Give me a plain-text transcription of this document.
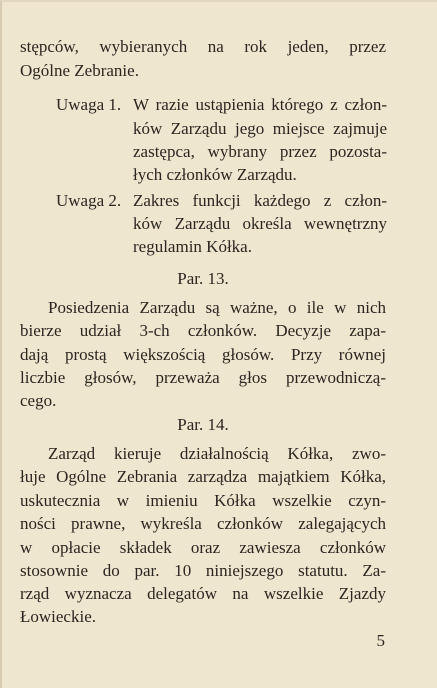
stępców, wybieranych na rok jeden, przez
Ogólne Zebranie.
Uwaga 1. W razie ustąpienia którego z człon-
ków Zarządu jego miejsce zajmuje
zastępca, wybrany przez pozosta-
łych członków Zarządu.
Uwaga 2. Zakres funkcji każdego z człon-
ków Zarządu określa wewnętrzny
regulamin Kółka.
Par. 13.
Posiedzenia Zarządu są ważne, o ile w nich
bierze udział 3-ch członków. Decyzje zapa-
dają prostą większością głosów. Przy równej
liczbie głosów, przeważa głos przewodniczą-
cego.
Par. 14.
Zarząd kieruje działalnością Kółka, zwo-
łuje Ogólne Zebrania zarządza majątkiem Kółka,
uskutecznia w imieniu Kółka wszelkie czyn-
ności prawne, wykreśla członków zalegających
w opłacie składek oraz zawiesza członków
stosownie do par. 10 niniejszego statutu. Za-
rząd wyznacza delegatów na wszelkie Zjazdy
Łowieckie.
5
